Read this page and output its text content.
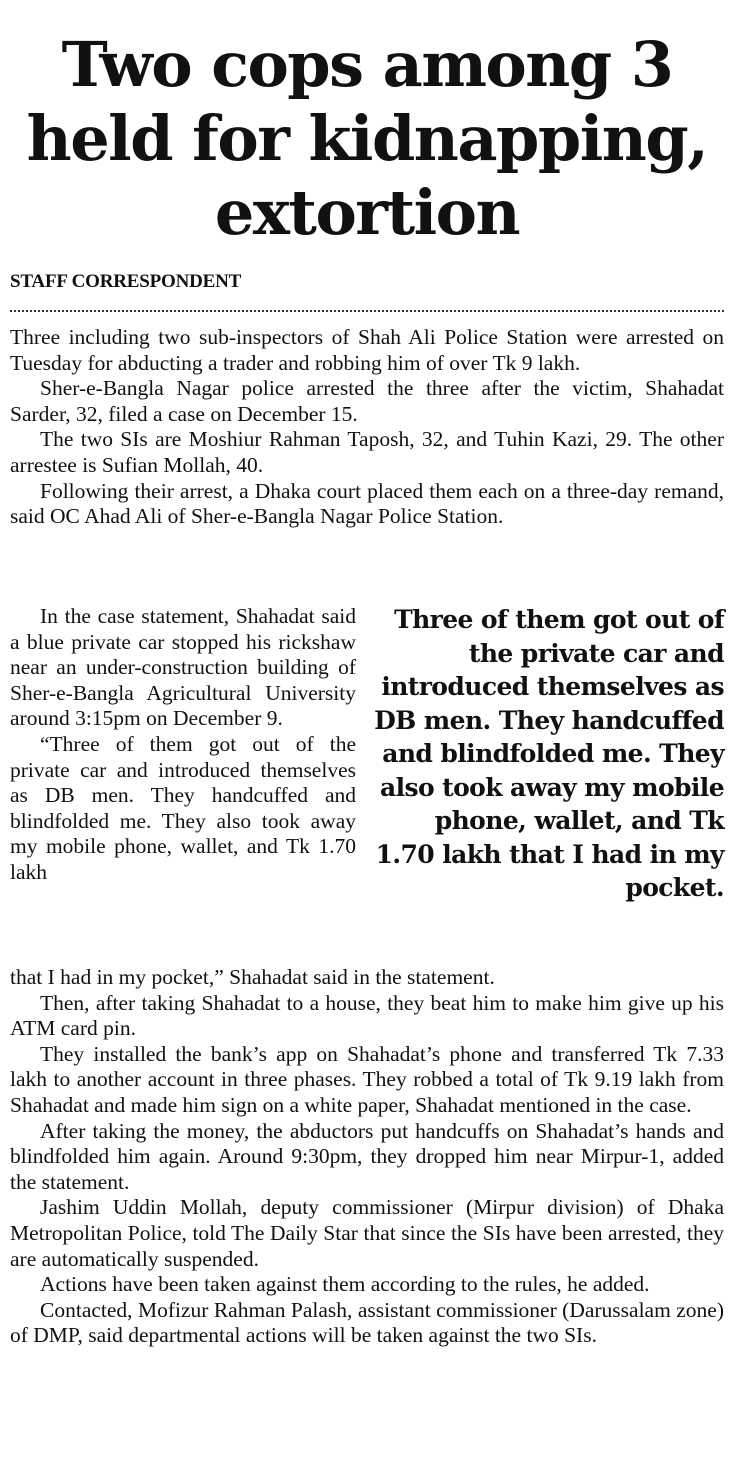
Two cops among 3
held for kidnapping,
extortion
STAFF CORRESPONDENT

Three including two sub-inspectors of Shah Ali Police Station were arrested on Tuesday for abducting a trader and robbing him of over Tk 9 lakh.

Sher-e-Bangla Nagar police arrested the three after the victim, Shahadat Sarder, 32, filed a case on December 15.

The two SIs are Moshiur Rahman Taposh, 32, and Tuhin Kazi, 29. The other arrestee is Sufian Mollah, 40.

Following their arrest, a Dhaka court placed them each on a three-day remand, said OC Ahad Ali of Sher-e-Bangla Nagar Police Station.

In the case statement, Shahadat said a blue private car stopped his rickshaw near an under-construction building of Sher-e-Bangla Agricultural University around 3:15pm on December 9.

“Three of them got out of the private car and introduced themselves as DB men. They handcuffed and blindfolded me. They also took away my mobile phone, wallet, and Tk 1.70 lakh

Three of them got out of the private car and introduced themselves as DB men. They handcuffed and blindfolded me. They also took away my mobile phone, wallet, and Tk 1.70 lakh that I had in my pocket.

that I had in my pocket,” Shahadat said in the statement.

Then, after taking Shahadat to a house, they beat him to make him give up his ATM card pin.

They installed the bank’s app on Shahadat’s phone and transferred Tk 7.33 lakh to another account in three phases. They robbed a total of Tk 9.19 lakh from Shahadat and made him sign on a white paper, Shahadat mentioned in the case.

After taking the money, the abductors put handcuffs on Shahadat’s hands and blindfolded him again. Around 9:30pm, they dropped him near Mirpur-1, added the statement.

Jashim Uddin Mollah, deputy commissioner (Mirpur division) of Dhaka Metropolitan Police, told The Daily Star that since the SIs have been arrested, they are automatically suspended.

Actions have been taken against them according to the rules, he added.

Contacted, Mofizur Rahman Palash, assistant commissioner (Darussalam zone) of DMP, said departmental actions will be taken against the two SIs.
